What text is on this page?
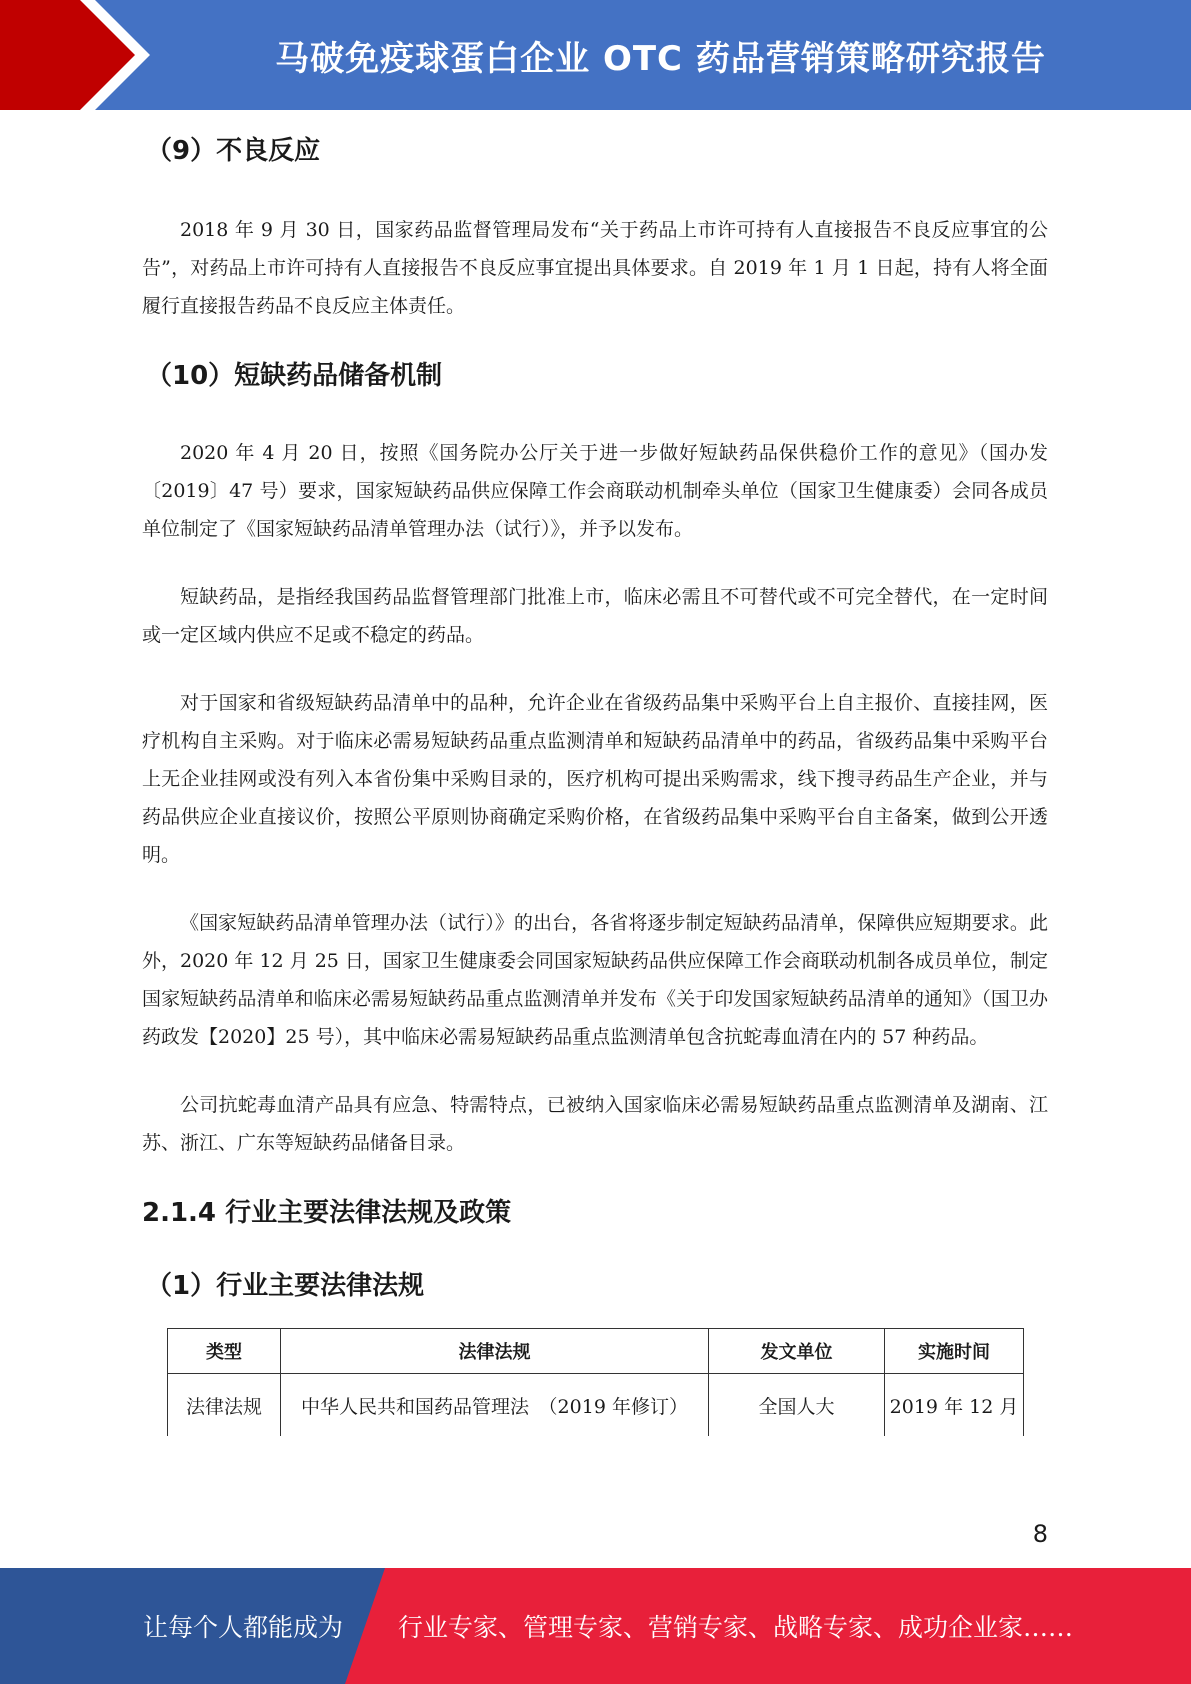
马破免疫球蛋白企业 OTC 药品营销策略研究报告
（9）不良反应

2018 年 9 月 30 日，国家药品监督管理局发布“关于药品上市许可持有人直接报告不良反应事宜的公告”，对药品上市许可持有人直接报告不良反应事宜提出具体要求。自 2019 年 1 月 1 日起，持有人将全面履行直接报告药品不良反应主体责任。

（10）短缺药品储备机制

2020 年 4 月 20 日，按照《国务院办公厅关于进一步做好短缺药品保供稳价工作的意见》（国办发〔2019〕47 号）要求，国家短缺药品供应保障工作会商联动机制牵头单位（国家卫生健康委）会同各成员单位制定了《国家短缺药品清单管理办法（试行）》，并予以发布。

短缺药品，是指经我国药品监督管理部门批准上市，临床必需且不可替代或不可完全替代，在一定时间或一定区域内供应不足或不稳定的药品。

对于国家和省级短缺药品清单中的品种，允许企业在省级药品集中采购平台上自主报价、直接挂网，医疗机构自主采购。对于临床必需易短缺药品重点监测清单和短缺药品清单中的药品，省级药品集中采购平台上无企业挂网或没有列入本省份集中采购目录的，医疗机构可提出采购需求，线下搜寻药品生产企业，并与药品供应企业直接议价，按照公平原则协商确定采购价格，在省级药品集中采购平台自主备案，做到公开透明。

《国家短缺药品清单管理办法（试行）》的出台，各省将逐步制定短缺药品清单，保障供应短期要求。此外，2020 年 12 月 25 日，国家卫生健康委会同国家短缺药品供应保障工作会商联动机制各成员单位，制定国家短缺药品清单和临床必需易短缺药品重点监测清单并发布《关于印发国家短缺药品清单的通知》（国卫办药政发【2020】25 号），其中临床必需易短缺药品重点监测清单包含抗蛇毒血清在内的 57 种药品。

公司抗蛇毒血清产品具有应急、特需特点，已被纳入国家临床必需易短缺药品重点监测清单及湖南、江苏、浙江、广东等短缺药品储备目录。

2.1.4 行业主要法律法规及政策
（1）行业主要法律法规
类型	法律法规	发文单位	实施时间
法律法规	中华人民共和国药品管理法　（2019 年修订）	全国人大	2019 年 12 月
8
让每个人都能成为 行业专家、管理专家、营销专家、战略专家、成功企业家……
